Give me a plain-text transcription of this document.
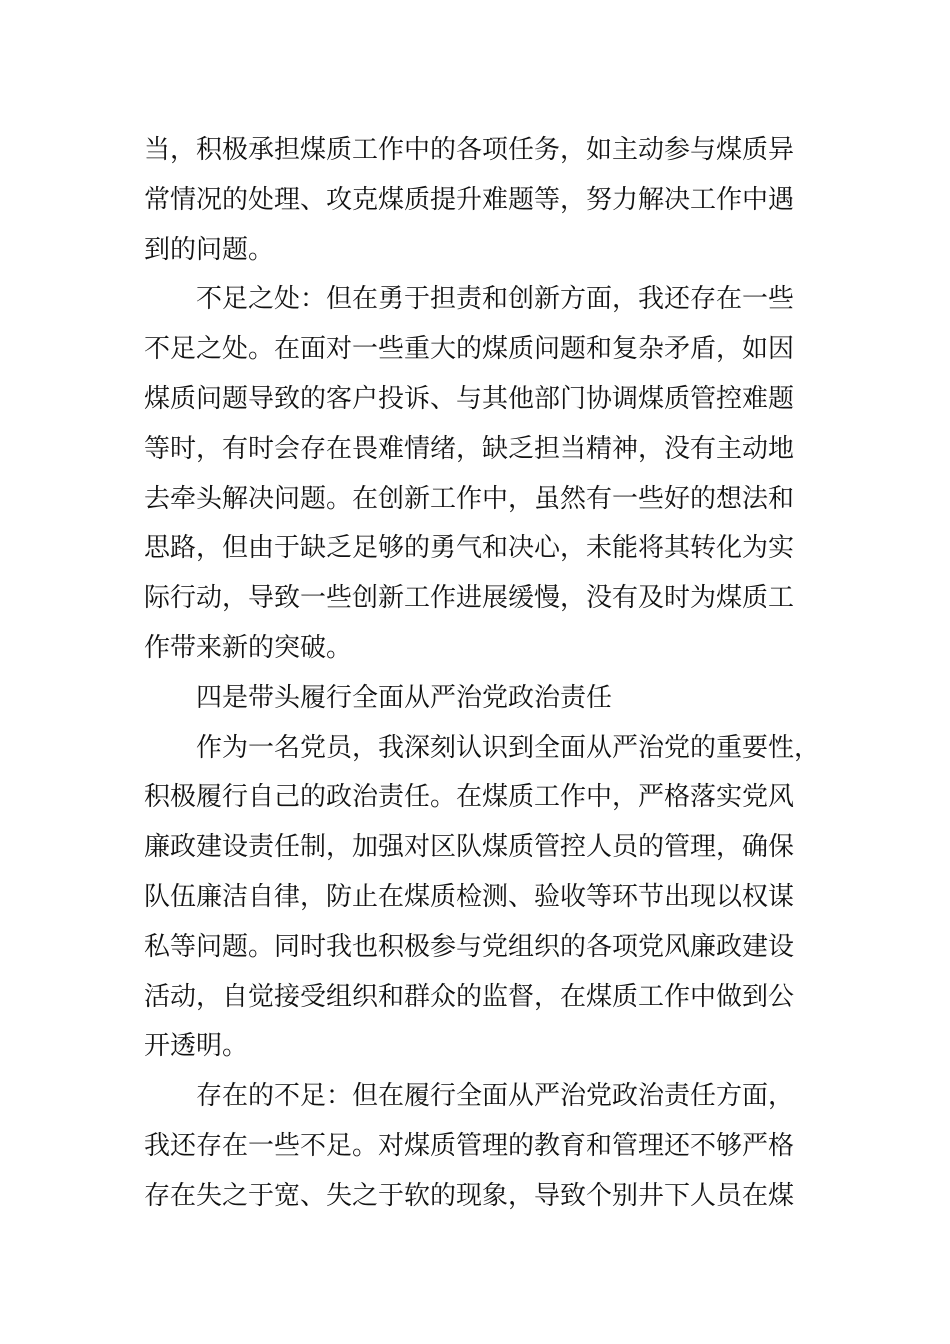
当，积极承担煤质工作中的各项任务，如主动参与煤质异
常情况的处理、攻克煤质提升难题等，努力解决工作中遇
到的问题。
　　不足之处：但在勇于担责和创新方面，我还存在一些
不足之处。在面对一些重大的煤质问题和复杂矛盾，如因
煤质问题导致的客户投诉、与其他部门协调煤质管控难题
等时，有时会存在畏难情绪，缺乏担当精神，没有主动地
去牵头解决问题。在创新工作中，虽然有一些好的想法和
思路，但由于缺乏足够的勇气和决心，未能将其转化为实
际行动，导致一些创新工作进展缓慢，没有及时为煤质工
作带来新的突破。
　　四是带头履行全面从严治党政治责任
　　作为一名党员，我深刻认识到全面从严治党的重要性，
积极履行自己的政治责任。在煤质工作中，严格落实党风
廉政建设责任制，加强对区队煤质管控人员的管理，确保
队伍廉洁自律，防止在煤质检测、验收等环节出现以权谋
私等问题。同时我也积极参与党组织的各项党风廉政建设
活动，自觉接受组织和群众的监督，在煤质工作中做到公
开透明。
　　存在的不足：但在履行全面从严治党政治责任方面，
我还存在一些不足。对煤质管理的教育和管理还不够严格
存在失之于宽、失之于软的现象，导致个别井下人员在煤
